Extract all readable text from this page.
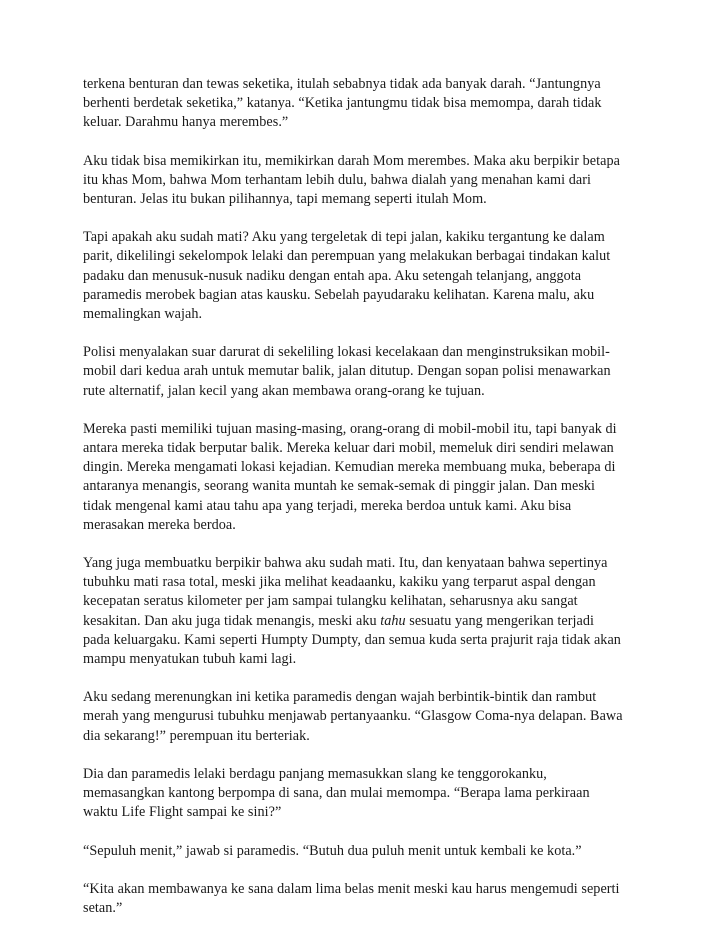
terkena benturan dan tewas seketika, itulah sebabnya tidak ada banyak darah. “Jantungnya berhenti berdetak seketika,” katanya. “Ketika jantungmu tidak bisa memompa, darah tidak keluar. Darahmu hanya merembes.”

Aku tidak bisa memikirkan itu, memikirkan darah Mom merembes. Maka aku berpikir betapa itu khas Mom, bahwa Mom terhantam lebih dulu, bahwa dialah yang menahan kami dari benturan. Jelas itu bukan pilihannya, tapi memang seperti itulah Mom.

Tapi apakah aku sudah mati? Aku yang tergeletak di tepi jalan, kakiku tergantung ke dalam parit, dikelilingi sekelompok lelaki dan perempuan yang melakukan berbagai tindakan kalut padaku dan menusuk-nusuk nadiku dengan entah apa. Aku setengah telanjang, anggota paramedis merobek bagian atas kausku. Sebelah payudaraku kelihatan. Karena malu, aku memalingkan wajah.

Polisi menyalakan suar darurat di sekeliling lokasi kecelakaan dan menginstruksikan mobil-mobil dari kedua arah untuk memutar balik, jalan ditutup. Dengan sopan polisi menawarkan rute alternatif, jalan kecil yang akan membawa orang-orang ke tujuan.

Mereka pasti memiliki tujuan masing-masing, orang-orang di mobil-mobil itu, tapi banyak di antara mereka tidak berputar balik. Mereka keluar dari mobil, memeluk diri sendiri melawan dingin. Mereka mengamati lokasi kejadian. Kemudian mereka membuang muka, beberapa di antaranya menangis, seorang wanita muntah ke semak-semak di pinggir jalan. Dan meski tidak mengenal kami atau tahu apa yang terjadi, mereka berdoa untuk kami. Aku bisa merasakan mereka berdoa.

Yang juga membuatku berpikir bahwa aku sudah mati. Itu, dan kenyataan bahwa sepertinya tubuhku mati rasa total, meski jika melihat keadaanku, kakiku yang terparut aspal dengan kecepatan seratus kilometer per jam sampai tulangku kelihatan, seharusnya aku sangat kesakitan. Dan aku juga tidak menangis, meski aku tahu sesuatu yang mengerikan terjadi pada keluargaku. Kami seperti Humpty Dumpty, dan semua kuda serta prajurit raja tidak akan mampu menyatukan tubuh kami lagi.

Aku sedang merenungkan ini ketika paramedis dengan wajah berbintik-bintik dan rambut merah yang mengurusi tubuhku menjawab pertanyaanku. “Glasgow Coma-nya delapan. Bawa dia sekarang!” perempuan itu berteriak.

Dia dan paramedis lelaki berdagu panjang memasukkan slang ke tenggorokanku, memasangkan kantong berpompa di sana, dan mulai memompa. “Berapa lama perkiraan waktu Life Flight sampai ke sini?”

“Sepuluh menit,” jawab si paramedis. “Butuh dua puluh menit untuk kembali ke kota.”

“Kita akan membawanya ke sana dalam lima belas menit meski kau harus mengemudi seperti setan.”
